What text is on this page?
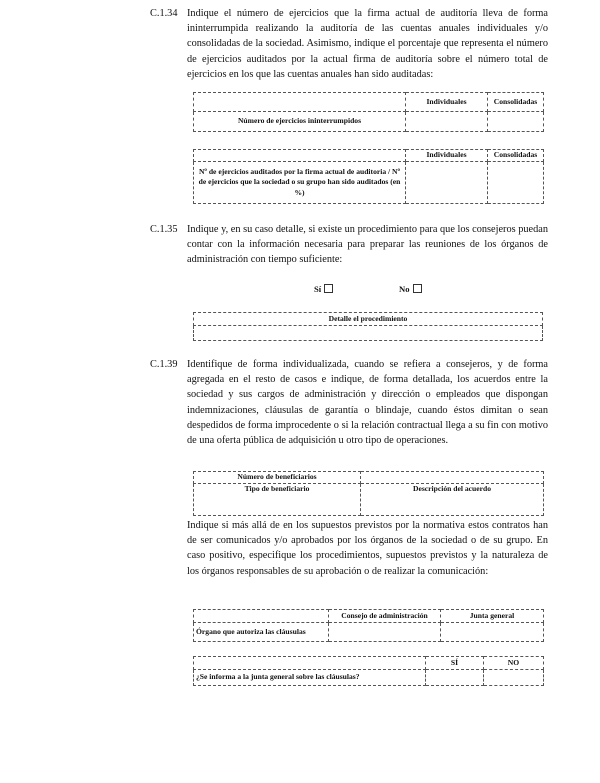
C.1.34 Indique el número de ejercicios que la firma actual de auditoría lleva de forma ininterrumpida realizando la auditoría de las cuentas anuales individuales y/o consolidadas de la sociedad. Asimismo, indique el porcentaje que representa el número de ejercicios auditados por la actual firma de auditoría sobre el número total de ejercicios en los que las cuentas anuales han sido auditadas:
	Individuales	Consolidadas
Número de ejercicios ininterrumpidos		
	Individuales	Consolidadas
Nº de ejercicios auditados por la firma actual de auditoria / Nº de ejercicios que la sociedad o su grupo han sido auditados (en %)		
C.1.35 Indique y, en su caso detalle, si existe un procedimiento para que los consejeros puedan contar con la información necesaria para preparar las reuniones de los órganos de administración con tiempo suficiente:
Sí	No
Detalle el procedimiento

C.1.39 Identifique de forma individualizada, cuando se refiera a consejeros, y de forma agregada en el resto de casos e indique, de forma detallada, los acuerdos entre la sociedad y sus cargos de administración y dirección o empleados que dispongan indemnizaciones, cláusulas de garantía o blindaje, cuando éstos dimitan o sean despedidos de forma improcedente o si la relación contractual llega a su fin con motivo de una oferta pública de adquisición u otro tipo de operaciones.
Número de beneficiarios	
Tipo de beneficiario	Descripción del acuerdo
Indique si más allá de en los supuestos previstos por la normativa estos contratos han de ser comunicados y/o aprobados por los órganos de la sociedad o de su grupo. En caso positivo, especifique los procedimientos, supuestos previstos y la naturaleza de los órganos responsables de su aprobación o de realizar la comunicación:
	Consejo de administración	Junta general
Órgano que autoriza las cláusulas		
	SÍ	NO
¿Se informa a la junta general sobre las cláusulas?		
